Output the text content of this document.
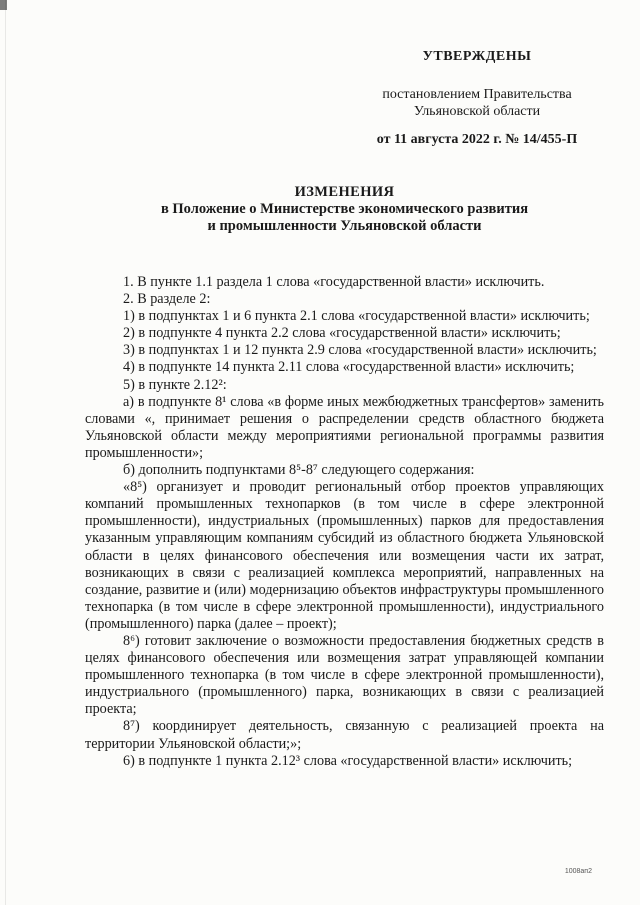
УТВЕРЖДЕНЫ
постановлением Правительства
Ульяновской области
от 11 августа 2022 г. № 14/455-П
ИЗМЕНЕНИЯ
в Положение о Министерстве экономического развития
и промышленности Ульяновской области

1. В пункте 1.1 раздела 1 слова «государственной власти» исключить.

2. В разделе 2:

1) в подпунктах 1 и 6 пункта 2.1 слова «государственной власти» исключить;

2) в подпункте 4 пункта 2.2 слова «государственной власти» исключить;

3) в подпунктах 1 и 12 пункта 2.9 слова «государственной власти» исключить;

4) в подпункте 14 пункта 2.11 слова «государственной власти» исключить;

5) в пункте 2.12²:

а) в подпункте 8¹ слова «в форме иных межбюджетных трансфертов» заменить словами «, принимает решения о распределении средств областного бюджета Ульяновской области между мероприятиями региональной программы развития промышленности»;

б) дополнить подпунктами 8⁵-8⁷ следующего содержания:

«8⁵) организует и проводит региональный отбор проектов управляющих компаний промышленных технопарков (в том числе в сфере электронной промышленности), индустриальных (промышленных) парков для предоставления указанным управляющим компаниям субсидий из областного бюджета Ульяновской области в целях финансового обеспечения или возмещения части их затрат, возникающих в связи с реализацией комплекса мероприятий, направленных на создание, развитие и (или) модернизацию объектов инфраструктуры промышленного технопарка (в том числе в сфере электронной промышленности), индустриального (промышленного) парка (далее – проект);

8⁶) готовит заключение о возможности предоставления бюджетных средств в целях финансового обеспечения или возмещения затрат управляющей компании промышленного технопарка (в том числе в сфере электронной промышленности), индустриального (промышленного) парка, возникающих в связи с реализацией проекта;

8⁷) координирует деятельность, связанную с реализацией проекта на территории Ульяновской области;»;

6) в подпункте 1 пункта 2.12³ слова «государственной власти» исключить;

1008ап2
